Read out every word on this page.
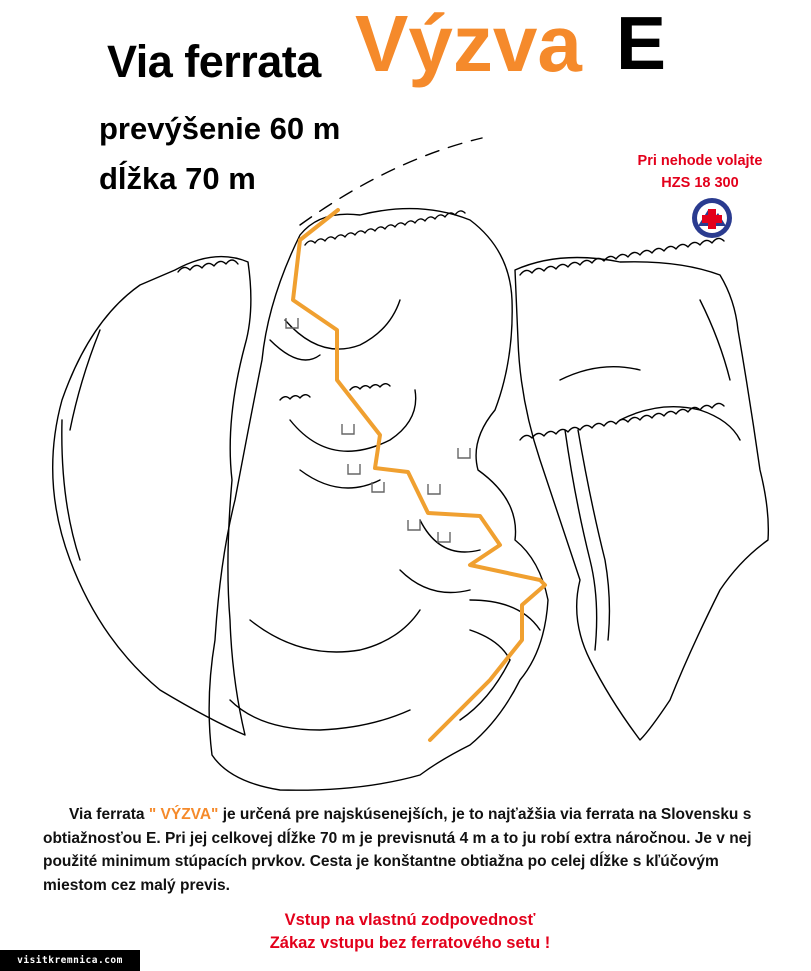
Via ferrata Výzva E
prevýšenie 60 m
dĺžka 70 m	Pri nehode volajte
HZS 18 300
Via ferrata " VÝZVA" je určená pre najskúsenejších, je to najťažšia via ferrata na Slovensku s obtiažnosťou E. Pri jej celkovej dĺžke 70 m je previsnutá 4 m a to ju robí extra náročnou. Je v nej použité minimum stúpacích prvkov. Cesta je konštantne obtiažna po celej dĺžke s kľúčovým miestom cez malý previs.
Vstup na vlastnú zodpovednosť
Zákaz vstupu bez ferratového setu !
visitkremnica.com
